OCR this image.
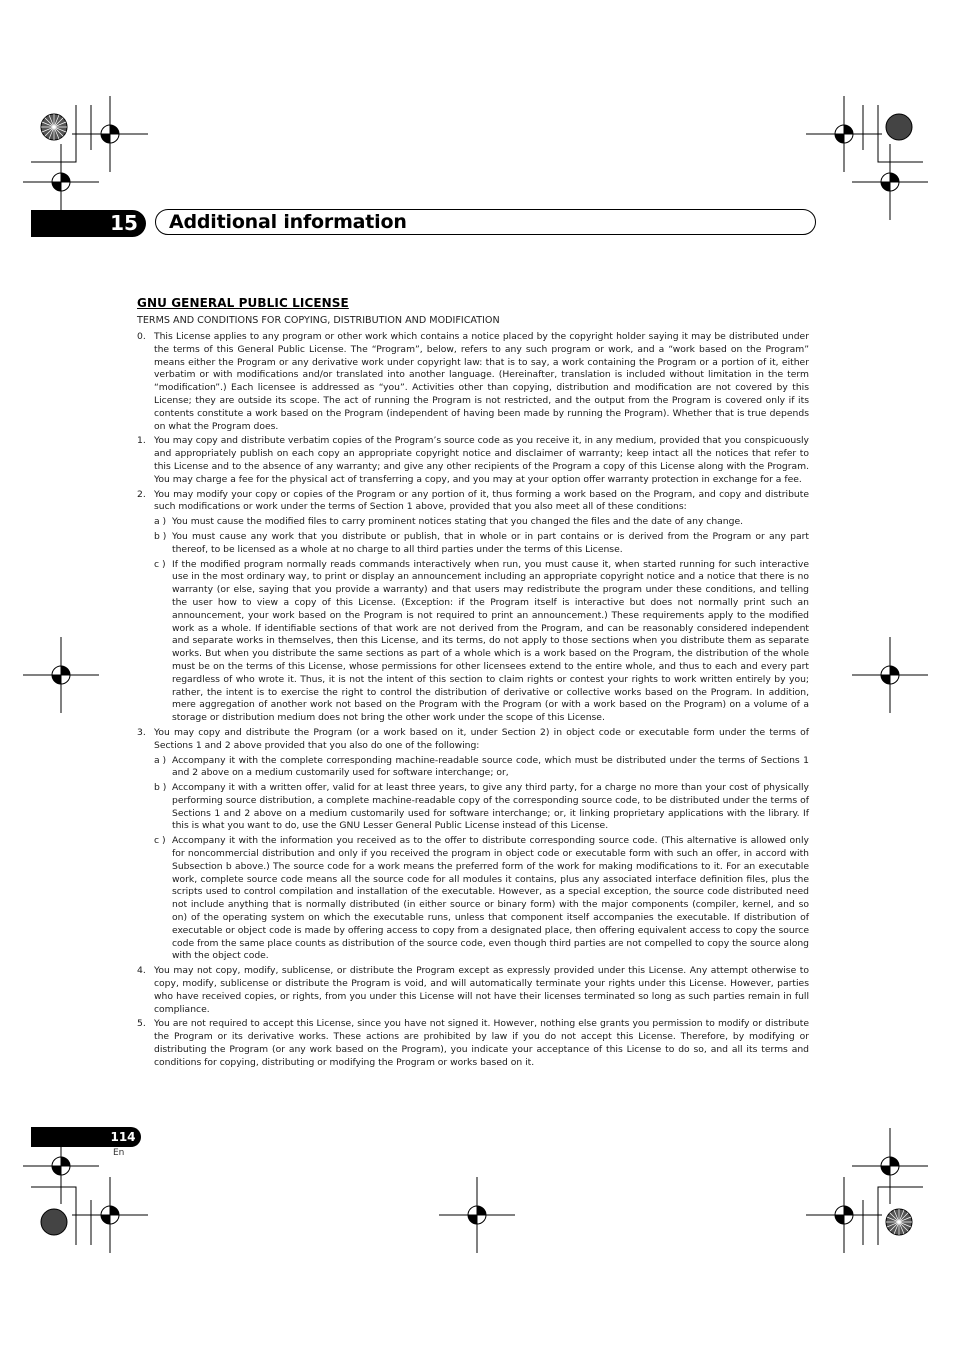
15 Additional information
GNU GENERAL PUBLIC LICENSE
TERMS AND CONDITIONS FOR COPYING, DISTRIBUTION AND MODIFICATION
0. This License applies to any program or other work which contains a notice placed by the copyright holder saying it may be distributed under the terms of this General Public License. The “Program”, below, refers to any such program or work, and a “work based on the Program” means either the Program or any derivative work under copyright law: that is to say, a work containing the Program or a portion of it, either verbatim or with modifications and/or translated into another language. (Hereinafter, translation is included without limitation in the term “modification”.) Each licensee is addressed as “you”. Activities other than copying, distribution and modification are not covered by this License; they are outside its scope. The act of running the Program is not restricted, and the output from the Program is covered only if its contents constitute a work based on the Program (independent of having been made by running the Program). Whether that is true depends on what the Program does.
1. You may copy and distribute verbatim copies of the Program’s source code as you receive it, in any medium, provided that you conspicuously and appropriately publish on each copy an appropriate copyright notice and disclaimer of warranty; keep intact all the notices that refer to this License and to the absence of any warranty; and give any other recipients of the Program a copy of this License along with the Program. You may charge a fee for the physical act of transferring a copy, and you may at your option offer warranty protection in exchange for a fee.
2. You may modify your copy or copies of the Program or any portion of it, thus forming a work based on the Program, and copy and distribute such modifications or work under the terms of Section 1 above, provided that you also meet all of these conditions:
a ) You must cause the modified files to carry prominent notices stating that you changed the files and the date of any change.
b ) You must cause any work that you distribute or publish, that in whole or in part contains or is derived from the Program or any part thereof, to be licensed as a whole at no charge to all third parties under the terms of this License.
c ) If the modified program normally reads commands interactively when run, you must cause it, when started running for such interactive use in the most ordinary way, to print or display an announcement including an appropriate copyright notice and a notice that there is no warranty (or else, saying that you provide a warranty) and that users may redistribute the program under these conditions, and telling the user how to view a copy of this License. (Exception: if the Program itself is interactive but does not normally print such an announcement, your work based on the Program is not required to print an announcement.) These requirements apply to the modified work as a whole. If identifiable sections of that work are not derived from the Program, and can be reasonably considered independent and separate works in themselves, then this License, and its terms, do not apply to those sections when you distribute them as separate works. But when you distribute the same sections as part of a whole which is a work based on the Program, the distribution of the whole must be on the terms of this License, whose permissions for other licensees extend to the entire whole, and thus to each and every part regardless of who wrote it. Thus, it is not the intent of this section to claim rights or contest your rights to work written entirely by you; rather, the intent is to exercise the right to control the distribution of derivative or collective works based on the Program. In addition, mere aggregation of another work not based on the Program with the Program (or with a work based on the Program) on a volume of a storage or distribution medium does not bring the other work under the scope of this License.
3. You may copy and distribute the Program (or a work based on it, under Section 2) in object code or executable form under the terms of Sections 1 and 2 above provided that you also do one of the following:
a ) Accompany it with the complete corresponding machine-readable source code, which must be distributed under the terms of Sections 1 and 2 above on a medium customarily used for software interchange; or,
b ) Accompany it with a written offer, valid for at least three years, to give any third party, for a charge no more than your cost of physically performing source distribution, a complete machine-readable copy of the corresponding source code, to be distributed under the terms of Sections 1 and 2 above on a medium customarily used for software interchange; or, it linking proprietary applications with the library. If this is what you want to do, use the GNU Lesser General Public License instead of this License.
c ) Accompany it with the information you received as to the offer to distribute corresponding source code. (This alternative is allowed only for noncommercial distribution and only if you received the program in object code or executable form with such an offer, in accord with Subsection b above.) The source code for a work means the preferred form of the work for making modifications to it. For an executable work, complete source code means all the source code for all modules it contains, plus any associated interface definition files, plus the scripts used to control compilation and installation of the executable. However, as a special exception, the source code distributed need not include anything that is normally distributed (in either source or binary form) with the major components (compiler, kernel, and so on) of the operating system on which the executable runs, unless that component itself accompanies the executable. If distribution of executable or object code is made by offering access to copy from a designated place, then offering equivalent access to copy the source code from the same place counts as distribution of the source code, even though third parties are not compelled to copy the source along with the object code.
4. You may not copy, modify, sublicense, or distribute the Program except as expressly provided under this License. Any attempt otherwise to copy, modify, sublicense or distribute the Program is void, and will automatically terminate your rights under this License. However, parties who have received copies, or rights, from you under this License will not have their licenses terminated so long as such parties remain in full compliance.
5. You are not required to accept this License, since you have not signed it. However, nothing else grants you permission to modify or distribute the Program or its derivative works. These actions are prohibited by law if you do not accept this License. Therefore, by modifying or distributing the Program (or any work based on the Program), you indicate your acceptance of this License to do so, and all its terms and conditions for copying, distributing or modifying the Program or works based on it.
114
En
